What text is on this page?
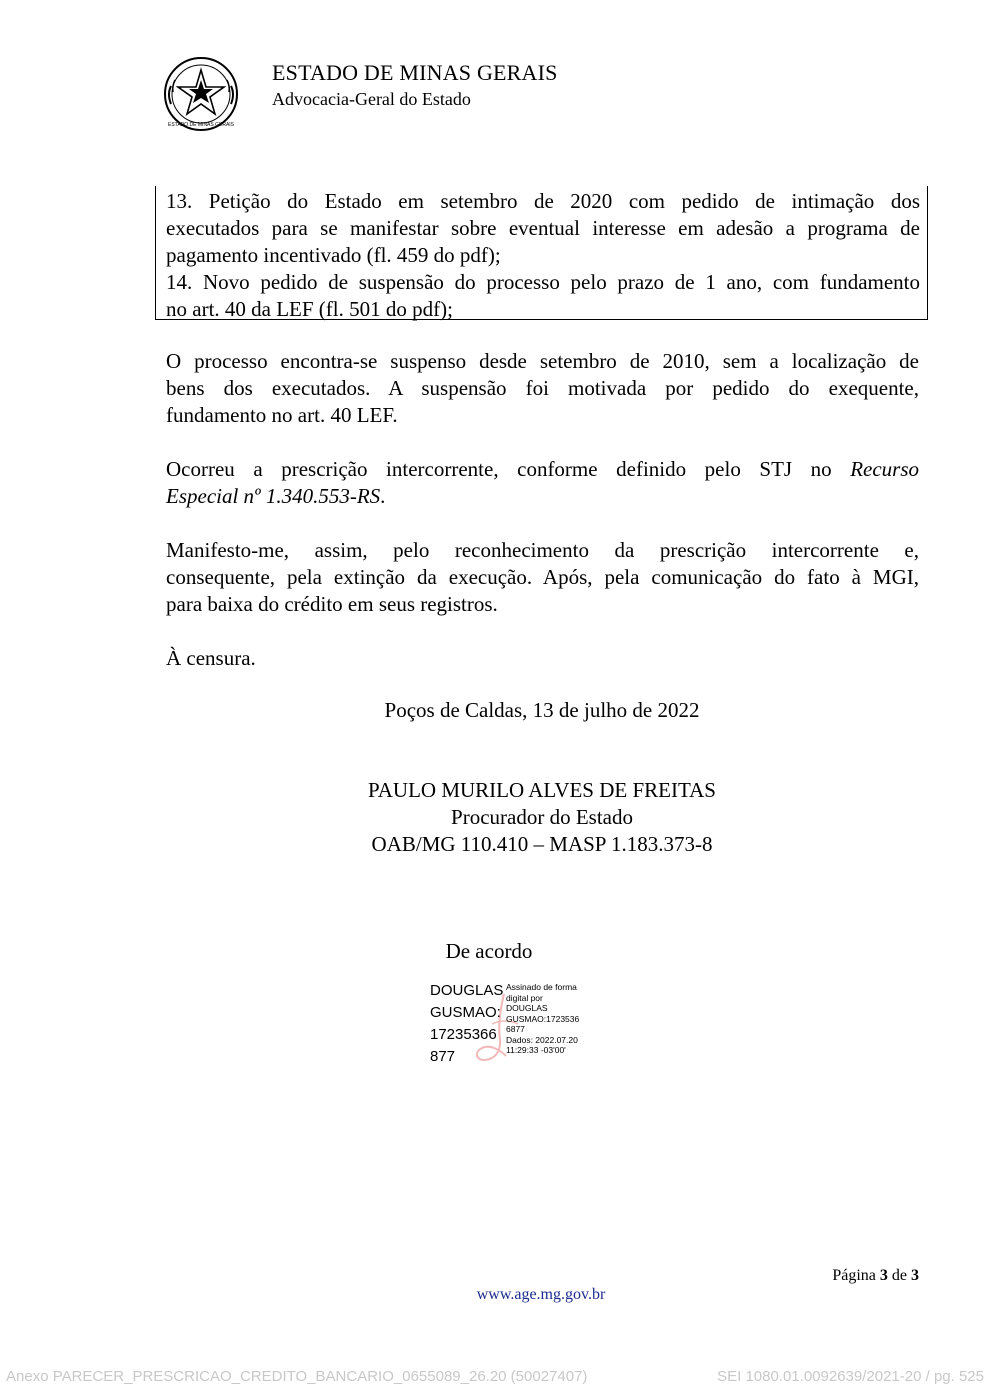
ESTADO DE MINAS GERAIS
ESTADO DE MINAS GERAIS
Advocacia-Geral do Estado

13. Petição do Estado em setembro de 2020 com pedido de intimação dos

executados para se manifestar sobre eventual interesse em adesão a programa de

pagamento incentivado (fl. 459 do pdf);

14. Novo pedido de suspensão do processo pelo prazo de 1 ano, com fundamento

no art. 40 da LEF (fl. 501 do pdf);

O processo encontra-se suspenso desde setembro de 2010, sem a localização de
bens dos executados. A suspensão foi motivada por pedido do exequente,
fundamento no art. 40 LEF.
Ocorreu a prescrição intercorrente, conforme definido pelo STJ no Recurso
Especial nº 1.340.553-RS.
Manifesto-me, assim, pelo reconhecimento da prescrição intercorrente e,
consequente, pela extinção da execução. Após, pela comunicação do fato à MGI,
para baixa do crédito em seus registros.
À censura.
Poços de Caldas, 13 de julho de 2022
PAULO MURILO ALVES DE FREITAS
Procurador do Estado
OAB/MG 110.410 – MASP 1.183.373-8
De acordo
DOUGLAS
GUSMAO:
17235366
877
Assinado de forma
digital por
DOUGLAS
GUSMAO:1723536
6877
Dados: 2022.07.20
11:29:33 -03'00'
Página 3 de 3
www.age.mg.gov.br
Anexo PARECER_PRESCRICAO_CREDITO_BANCARIO_0655089_26.20 (50027407)	SEI 1080.01.0092639/2021-20 / pg. 525
